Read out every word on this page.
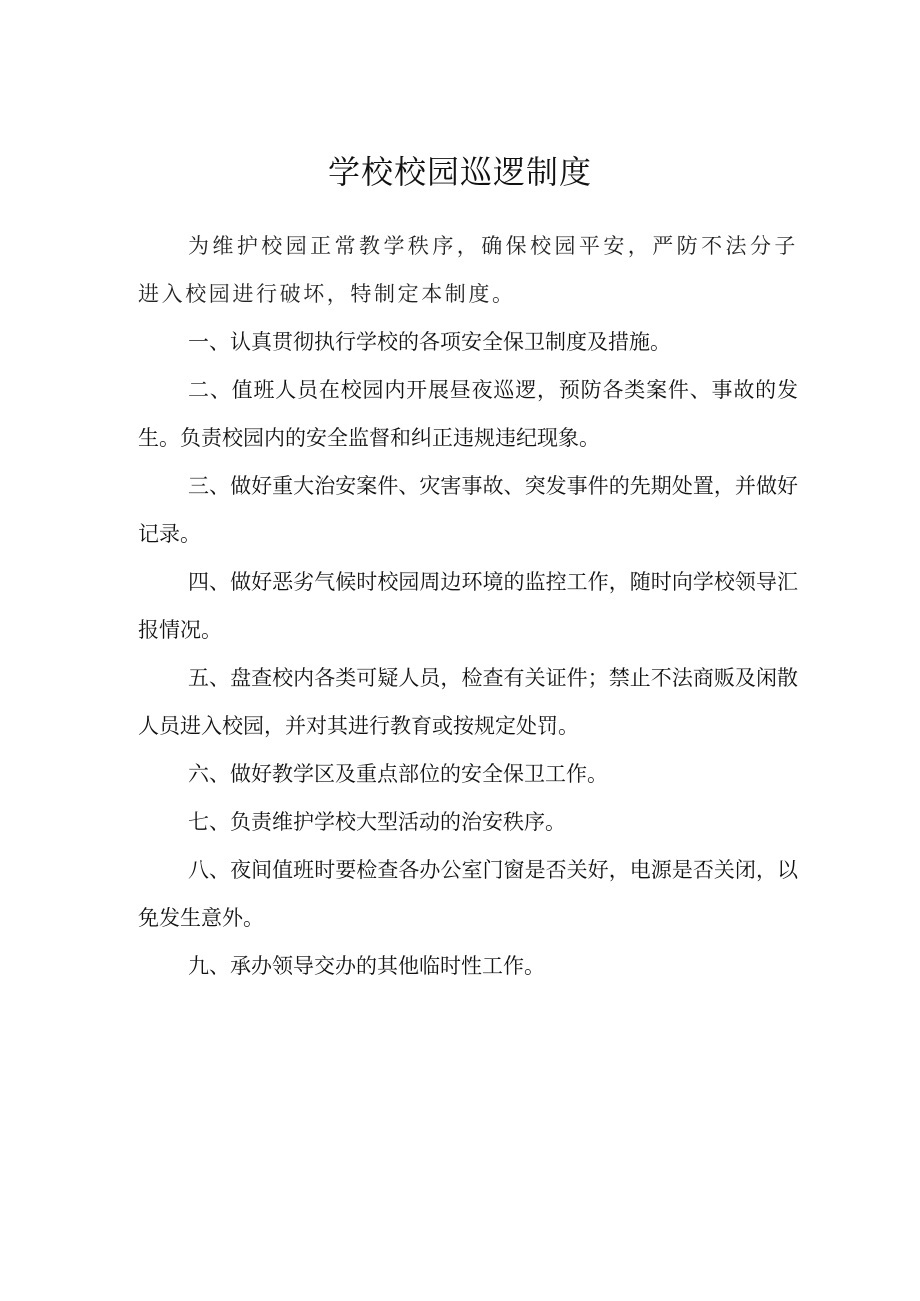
学校校园巡逻制度

为维护校园正常教学秩序，确保校园平安，严防不法分子进入校园进行破坏，特制定本制度。

一、认真贯彻执行学校的各项安全保卫制度及措施。

二、值班人员在校园内开展昼夜巡逻，预防各类案件、事故的发生。负责校园内的安全监督和纠正违规违纪现象。

三、做好重大治安案件、灾害事故、突发事件的先期处置，并做好记录。

四、做好恶劣气候时校园周边环境的监控工作，随时向学校领导汇报情况。

五、盘查校内各类可疑人员，检查有关证件；禁止不法商贩及闲散人员进入校园，并对其进行教育或按规定处罚。

六、做好教学区及重点部位的安全保卫工作。

七、负责维护学校大型活动的治安秩序。

八、夜间值班时要检查各办公室门窗是否关好，电源是否关闭，以免发生意外。

九、承办领导交办的其他临时性工作。
